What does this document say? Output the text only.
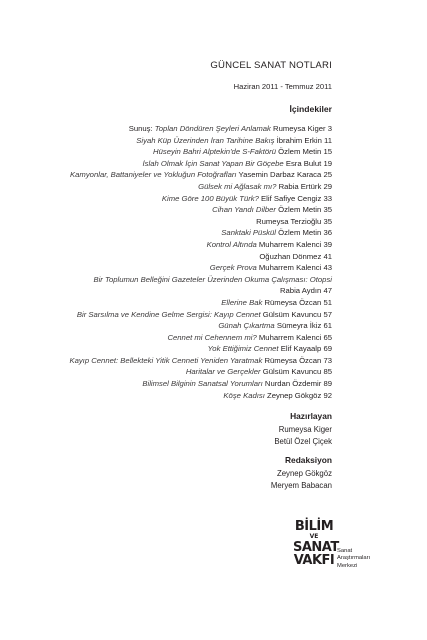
GÜNCEL SANAT NOTLARI
Haziran 2011 - Temmuz 2011
İçindekiler
Sunuş: Toplan Döndüren Şeyleri Anlamak Rumeysa Kiger 3
Siyah Küp Üzerinden İran Tarihine Bakış İbrahim Erkin 11
Hüseyin Bahri Alptekin'de S-Faktörü Özlem Metin 15
İslah Olmak İçin Sanat Yapan Bir Göçebe Esra Bulut 19
Kamyonlar, Battaniyeler ve Yokluğun Fotoğrafları Yasemin Darbaz Karaca 25
Gülsek mi Ağlasak mı? Rabia Ertürk 29
Kime Göre 100 Büyük Türk? Elif Safiye Cengiz 33
Cihan Yandı Dilber Özlem Metin 35
Rumeysa Terzioğlu 35
Sanktaki Püskül Özlem Metin 36
Kontrol Altında Muharrem Kalenci 39
Oğuzhan Dönmez 41
Gerçek Prova Muharrem Kalenci 43
Bir Toplumun Belleğini Gazeteler Üzerinden Okuma Çalışması: Otopsi
Rabia Aydın 47
Ellerine Bak Rümeysa Özcan 51
Bir Sarsılma ve Kendine Gelme Sergisi: Kayıp Cennet Gülsüm Kavuncu 57
Günah Çıkartma Sümeyra İkiz 61
Cennet mi Cehennem mi? Muharrem Kalenci 65
Yok Ettiğimiz Cennet Elif Kayaalp 69
Kayıp Cennet: Bellekteki Yitik Cenneti Yeniden Yaratmak Rümeysa Özcan 73
Haritalar ve Gerçekler Gülsüm Kavuncu 85
Bilimsel Bilginin Sanatsal Yorumları Nurdan Özdemir 89
Köşe Kadısı Zeynep Gökgöz 92
Hazırlayan
Rumeysa Kiger
Betül Özel Çiçek
Redaksiyon
Zeynep Gökgöz
Meryem Babacan
BİLİM
VE
SANAT
VAKFI
Sanat
Araştırmaları
Merkezi
